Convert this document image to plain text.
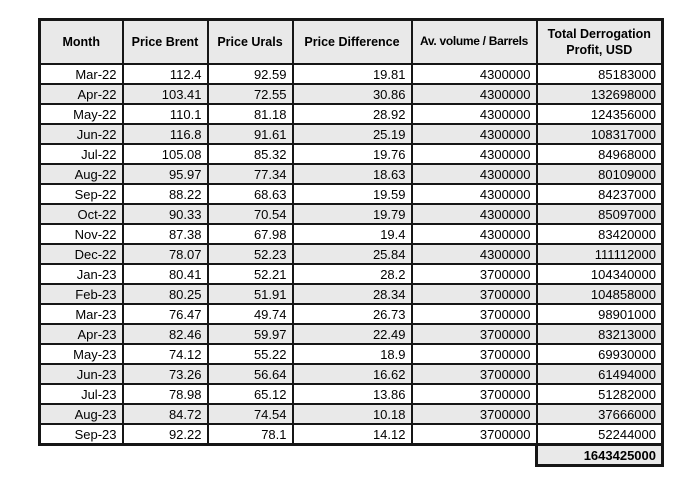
Month	Price Brent	Price Urals	Price Difference	Av. volume / Barrels	Total Derrogation Profit, USD
Mar-22	112.4	92.59	19.81	4300000	85183000
Apr-22	103.41	72.55	30.86	4300000	132698000
May-22	110.1	81.18	28.92	4300000	124356000
Jun-22	116.8	91.61	25.19	4300000	108317000
Jul-22	105.08	85.32	19.76	4300000	84968000
Aug-22	95.97	77.34	18.63	4300000	80109000
Sep-22	88.22	68.63	19.59	4300000	84237000
Oct-22	90.33	70.54	19.79	4300000	85097000
Nov-22	87.38	67.98	19.4	4300000	83420000
Dec-22	78.07	52.23	25.84	4300000	111112000
Jan-23	80.41	52.21	28.2	3700000	104340000
Feb-23	80.25	51.91	28.34	3700000	104858000
Mar-23	76.47	49.74	26.73	3700000	98901000
Apr-23	82.46	59.97	22.49	3700000	83213000
May-23	74.12	55.22	18.9	3700000	69930000
Jun-23	73.26	56.64	16.62	3700000	61494000
Jul-23	78.98	65.12	13.86	3700000	51282000
Aug-23	84.72	74.54	10.18	3700000	37666000
Sep-23	92.22	78.1	14.12	3700000	52244000
					1643425000
